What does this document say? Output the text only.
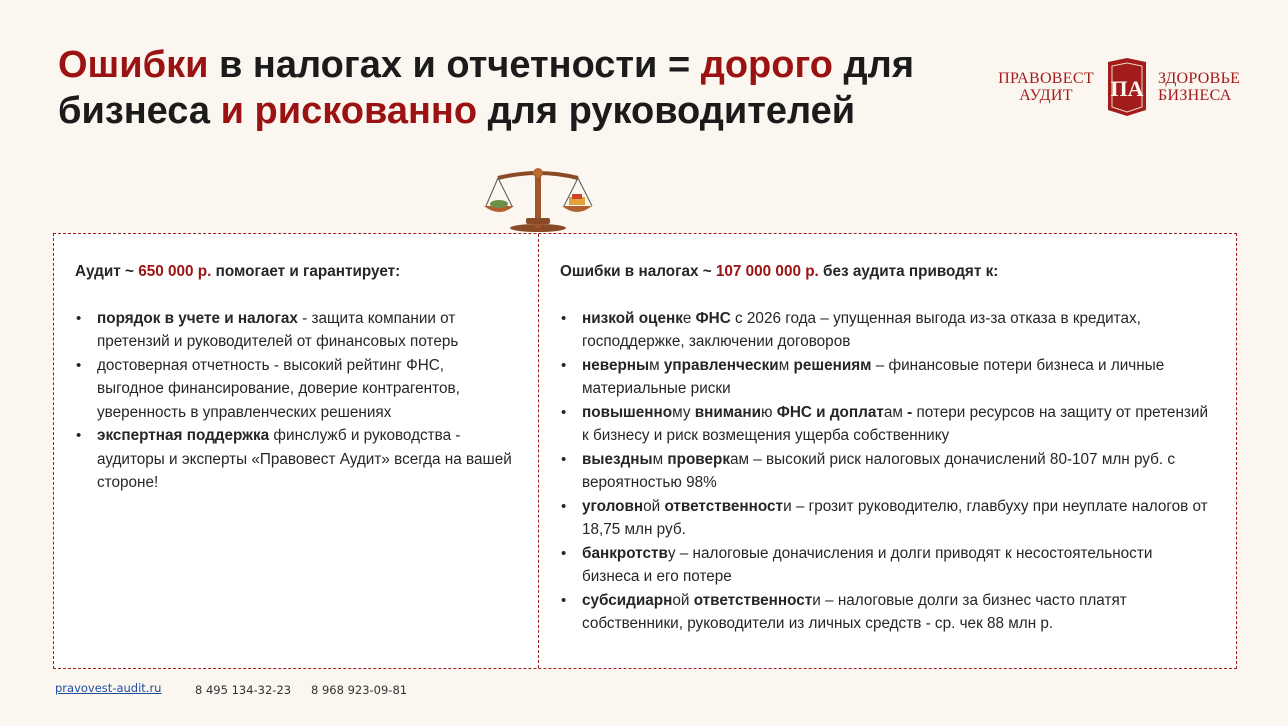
Ошибки в налогах и отчетности = дорого для бизнеса и рискованно для руководителей
ПРАВОВЕСТ
АУДИТ	ПА ЗДОРОВЬЕ
БИЗНЕСА

Аудит ~ 650 000 р. помогает и гарантирует:

• порядок в учете и налогах - защита компании от претензий и руководителей от финансовых потерь
• достоверная отчетность - высокий рейтинг ФНС, выгодное финансирование, доверие контрагентов, уверенность в управленческих решениях
• экспертная поддержка финслужб и руководства - аудиторы и эксперты «Правовест Аудит» всегда на вашей стороне!

Ошибки в налогах ~ 107 000 000 р. без аудита приводят к:

• низкой оценке ФНС с 2026 года – упущенная выгода из-за отказа в кредитах, господдержке, заключении договоров
• неверным управленческим решениям – финансовые потери бизнеса и личные материальные риски
• повышенному вниманию ФНС и доплатам - потери ресурсов на защиту от претензий к бизнесу и риск возмещения ущерба собственнику
• выездным проверкам – высокий риск налоговых доначислений 80-107 млн руб. с вероятностью 98%
• уголовной ответственности – грозит руководителю, главбуху при неуплате налогов от 18,75 млн руб.
• банкротству – налоговые доначисления и долги приводят к несостоятельности бизнеса и его потере
• субсидиарной ответственности – налоговые долги за бизнес часто платят собственники, руководители из личных средств - ср. чек 88 млн р.
pravovest-audit.ru	8 495 134-32-23 8 968 923-09-81
